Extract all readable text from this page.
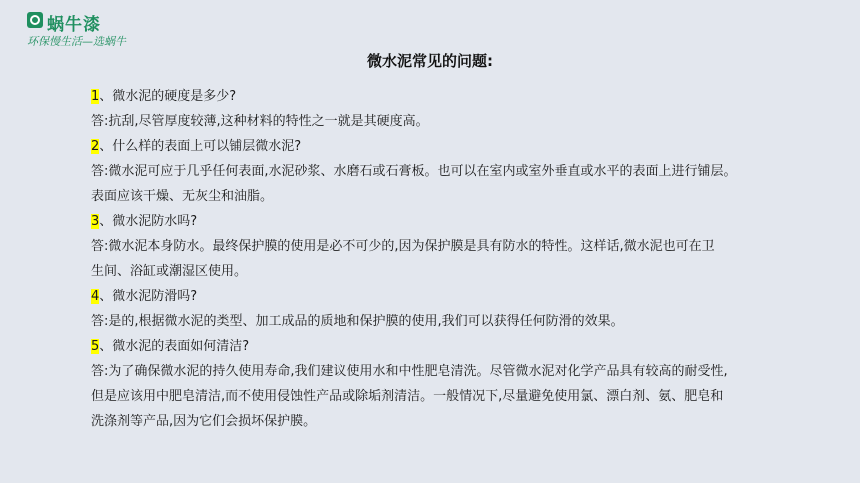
蜗牛漆
环保慢生活—选蜗牛
微水泥常见的问题:
1、微水泥的硬度是多少?
答:抗刮,尽管厚度较薄,这种材料的特性之一就是其硬度高。
2、什么样的表面上可以铺层微水泥?
答:微水泥可应于几乎任何表面,水泥砂浆、水磨石或石膏板。也可以在室内或室外垂直或水平的表面上进行铺层。
表面应该干燥、无灰尘和油脂。
3、微水泥防水吗?
答:微水泥本身防水。最终保护膜的使用是必不可少的,因为保护膜是具有防水的特性。这样话,微水泥也可在卫
生间、浴缸或潮湿区使用。
4、微水泥防滑吗?
答:是的,根据微水泥的类型、加工成品的质地和保护膜的使用,我们可以获得任何防滑的效果。
5、微水泥的表面如何清洁?
答:为了确保微水泥的持久使用寿命,我们建议使用水和中性肥皂清洗。尽管微水泥对化学产品具有较高的耐受性,
但是应该用中肥皂清洁,而不使用侵蚀性产品或除垢剂清洁。一般情况下,尽量避免使用氯、漂白剂、氨、肥皂和
洗涤剂等产品,因为它们会损坏保护膜。
